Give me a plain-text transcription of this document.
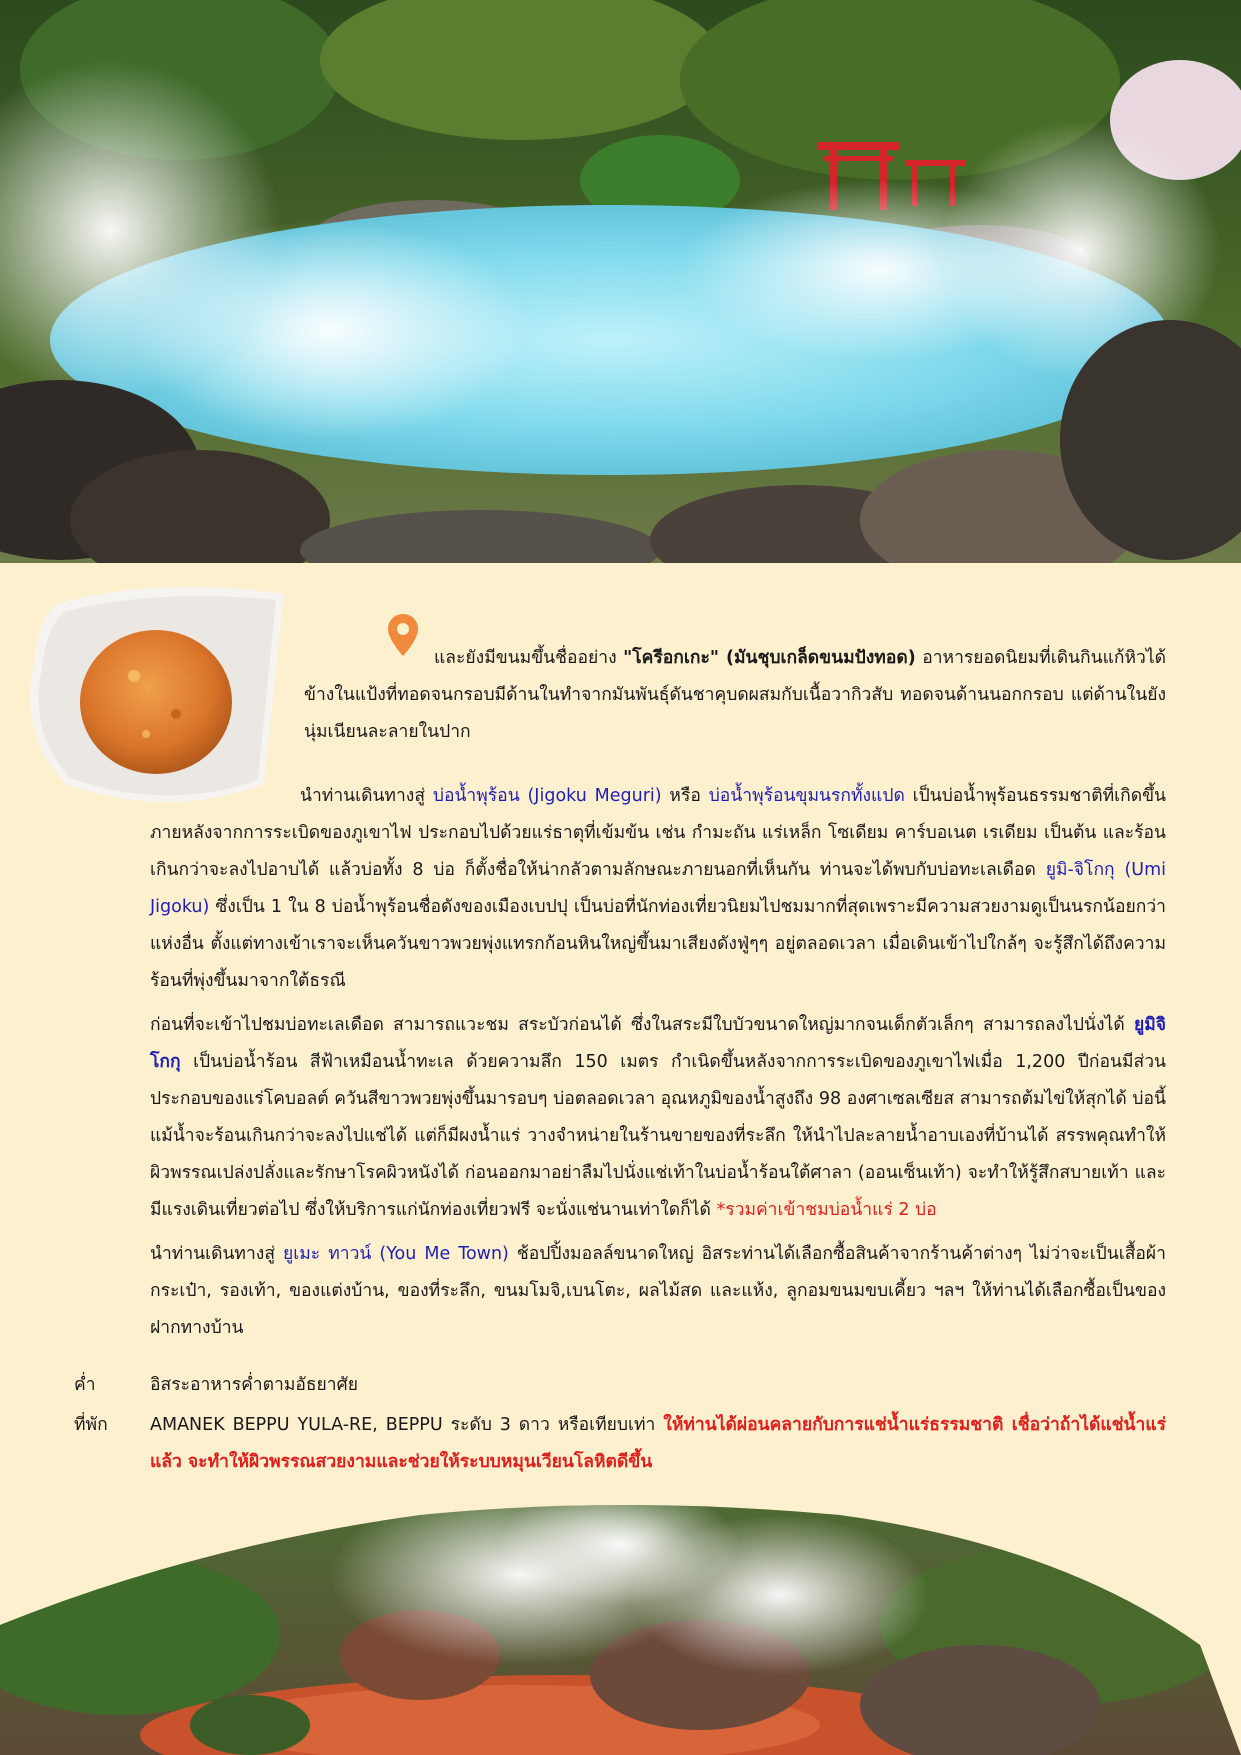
และยังมีขนมขึ้นชื่ออย่าง "โครีอกเกะ" (มันชุบเกล็ดขนมปังทอด) อาหารยอดนิยมที่เดินกินแก้หิวได้ ข้างในแป้งที่ทอดจนกรอบมีด้านในทำจากมันพันธุ์ดันชาคุบดผสมกับเนื้อวากิวสับ ทอดจนด้านนอกกรอบ แต่ด้านในยังนุ่มเนียนละลายในปาก
นำท่านเดินทางสู่ บ่อน้ำพุร้อน (Jigoku Meguri) หรือ บ่อน้ำพุร้อนขุมนรกทั้งแปด เป็นบ่อน้ำพุร้อนธรรมชาติที่เกิดขึ้น ภายหลังจากการระเบิดของภูเขาไฟ ประกอบไปด้วยแร่ธาตุที่เข้มข้น เช่น กำมะถัน แร่เหล็ก โซเดียม คาร์บอเนต เรเดียม เป็นต้น และร้อนเกินกว่าจะลงไปอาบได้ แล้วบ่อทั้ง 8 บ่อ ก็ตั้งชื่อให้น่ากลัวตามลักษณะภายนอกที่เห็นกัน ท่านจะได้พบกับบ่อทะเลเดือด ยูมิ-จิโกกุ (Umi Jigoku) ซึ่งเป็น 1 ใน 8 บ่อน้ำพุร้อนชื่อดังของเมืองเบปปุ เป็นบ่อที่นักท่องเที่ยวนิยมไปชมมากที่สุดเพราะมีความสวยงามดูเป็นนรกน้อยกว่าแห่งอื่น ตั้งแต่ทางเข้าเราจะเห็นควันขาวพวยพุ่งแทรกก้อนหินใหญ่ขึ้นมาเสียงดังฟู่ๆๆ อยู่ตลอดเวลา เมื่อเดินเข้าไปใกล้ๆ จะรู้สึกได้ถึงความร้อนที่พุ่งขึ้นมาจากใต้ธรณี
ก่อนที่จะเข้าไปชมบ่อทะเลเดือด สามารถแวะชม สระบัวก่อนได้ ซึ่งในสระมีใบบัวขนาดใหญ่มากจนเด็กตัวเล็กๆ สามารถลงไปนั่งได้ ยูมิจิโกกุ เป็นบ่อน้ำร้อน สีฟ้าเหมือนน้ำทะเล ด้วยความลึก 150 เมตร กำเนิดขึ้นหลังจากการระเบิดของภูเขาไฟเมื่อ 1,200 ปีก่อนมีส่วนประกอบของแร่โคบอลต์ ควันสีขาวพวยพุ่งขึ้นมารอบๆ บ่อตลอดเวลา อุณหภูมิของน้ำสูงถึง 98 องศาเซลเซียส สามารถต้มไข่ให้สุกได้ บ่อนี้แม้น้ำจะร้อนเกินกว่าจะลงไปแช่ได้ แต่ก็มีผงน้ำแร่ วางจำหน่ายในร้านขายของที่ระลึก ให้นำไปละลายน้ำอาบเองที่บ้านได้ สรรพคุณทำให้ผิวพรรณเปล่งปลั่งและรักษาโรคผิวหนังได้ ก่อนออกมาอย่าลืมไปนั่งแช่เท้าในบ่อน้ำร้อนใต้ศาลา (ออนเซ็นเท้า) จะทำให้รู้สึกสบายเท้า และมีแรงเดินเที่ยวต่อไป ซึ่งให้บริการแก่นักท่องเที่ยวฟรี จะนั่งแช่นานเท่าใดก็ได้ *รวมค่าเข้าชมบ่อน้ำแร่ 2 บ่อ
นำท่านเดินทางสู่ ยูเมะ ทาวน์ (You Me Town) ช้อปปิ้งมอลล์ขนาดใหญ่ อิสระท่านได้เลือกซื้อสินค้าจากร้านค้าต่างๆ ไม่ว่าจะเป็นเสื้อผ้า กระเป๋า, รองเท้า, ของแต่งบ้าน, ของที่ระลึก, ขนมโมจิ,เบนโตะ, ผลไม้สด และแห้ง, ลูกอมขนมขบเคี้ยว ฯลฯ ให้ท่านได้เลือกซื้อเป็นของฝากทางบ้าน
ค่ำ	อิสระอาหารค่ำตามอัธยาศัย
ที่พัก	AMANEK BEPPU YULA-RE, BEPPU ระดับ 3 ดาว หรือเทียบเท่า ให้ท่านได้ผ่อนคลายกับการแช่น้ำแร่ธรรมชาติ เชื่อว่าถ้าได้แช่น้ำแร่แล้ว จะทำให้ผิวพรรณสวยงามและช่วยให้ระบบหมุนเวียนโลหิตดีขึ้น
